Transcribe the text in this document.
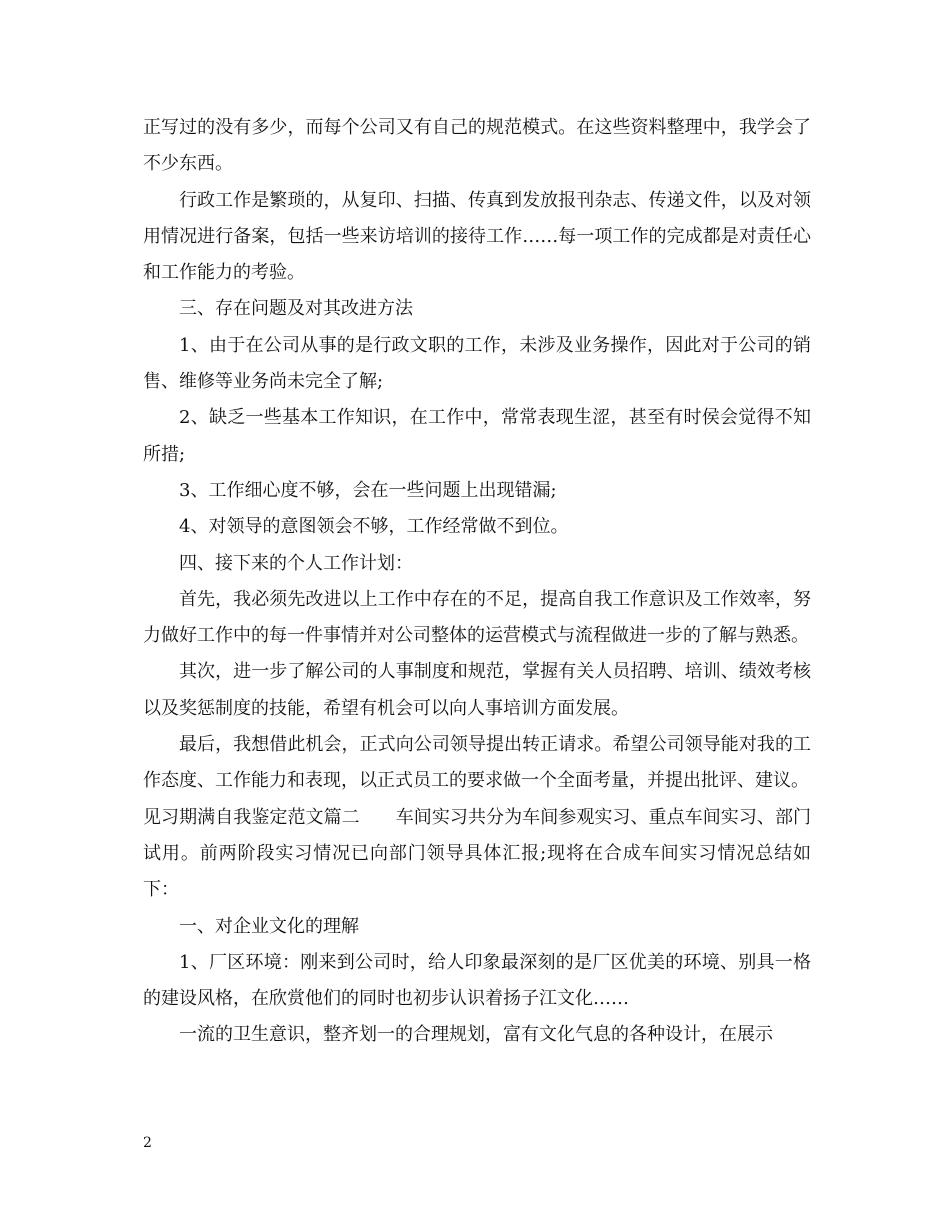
正写过的没有多少，而每个公司又有自己的规范模式。在这些资料整理中，我学会了不少东西。

行政工作是繁琐的，从复印、扫描、传真到发放报刊杂志、传递文件，以及对领用情况进行备案，包括一些来访培训的接待工作……每一项工作的完成都是对责任心和工作能力的考验。

三、存在问题及对其改进方法

1、由于在公司从事的是行政文职的工作，未涉及业务操作，因此对于公司的销售、维修等业务尚未完全了解;

2、缺乏一些基本工作知识，在工作中，常常表现生涩，甚至有时侯会觉得不知所措;

3、工作细心度不够，会在一些问题上出现错漏;

4、对领导的意图领会不够，工作经常做不到位。

四、接下来的个人工作计划：

首先，我必须先改进以上工作中存在的不足，提高自我工作意识及工作效率，努力做好工作中的每一件事情并对公司整体的运营模式与流程做进一步的了解与熟悉。

其次，进一步了解公司的人事制度和规范，掌握有关人员招聘、培训、绩效考核以及奖惩制度的技能，希望有机会可以向人事培训方面发展。

最后，我想借此机会，正式向公司领导提出转正请求。希望公司领导能对我的工作态度、工作能力和表现，以正式员工的要求做一个全面考量，并提出批评、建议。

见习期满自我鉴定范文篇二 车间实习共分为车间参观实习、重点车间实习、部门试用。前两阶段实习情况已向部门领导具体汇报;现将在合成车间实习情况总结如下：

一、对企业文化的理解

1、厂区环境：刚来到公司时，给人印象最深刻的是厂区优美的环境、别具一格的建设风格，在欣赏他们的同时也初步认识着扬子江文化……

一流的卫生意识，整齐划一的合理规划，富有文化气息的各种设计，在展示

2
